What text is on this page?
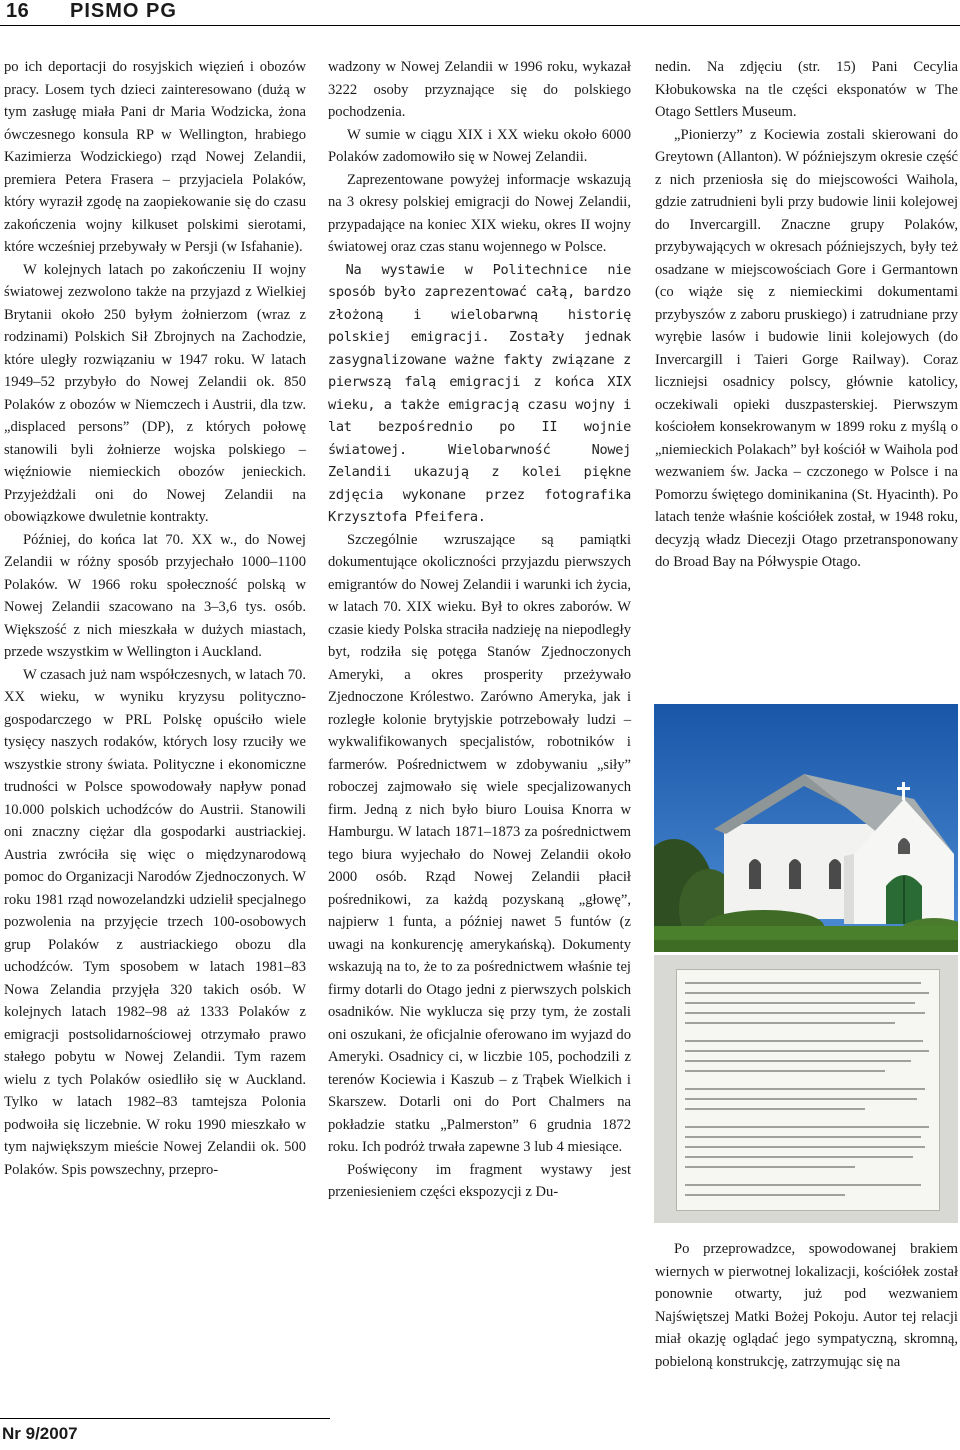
16 PISMO PG

po ich deportacji do rosyjskich więzień i obozów pracy. Losem tych dzieci zainteresowano (dużą w tym zasługę miała Pani dr Maria Wodzicka, żona ówczesnego konsula RP w Wellington, hrabiego Kazimierza Wodzickiego) rząd Nowej Zelandii, premiera Petera Frasera – przyjaciela Polaków, który wyraził zgodę na zaopiekowanie się do czasu zakończenia wojny kilkuset polskimi sierotami, które wcześniej przebywały w Persji (w Isfahanie).

W kolejnych latach po zakończeniu II wojny światowej zezwolono także na przyjazd z Wielkiej Brytanii około 250 byłym żołnierzom (wraz z rodzinami) Polskich Sił Zbrojnych na Zachodzie, które uległy rozwiązaniu w 1947 roku. W latach 1949–52 przybyło do Nowej Zelandii ok. 850 Polaków z obozów w Niemczech i Austrii, dla tzw. „displaced persons” (DP), z których połowę stanowili byli żołnierze wojska polskiego – więźniowie niemieckich obozów jenieckich. Przyjeżdżali oni do Nowej Zelandii na obowiązkowe dwuletnie kontrakty.

Później, do końca lat 70. XX w., do Nowej Zelandii w różny sposób przyjechało 1000–1100 Polaków. W 1966 roku społeczność polską w Nowej Zelandii szacowano na 3–3,6 tys. osób. Większość z nich mieszkała w dużych miastach, przede wszystkim w Wellington i Auckland.

W czasach już nam współczesnych, w latach 70. XX wieku, w wyniku kryzysu polityczno-gospodarczego w PRL Polskę opuściło wiele tysięcy naszych rodaków, których losy rzuciły we wszystkie strony świata. Polityczne i ekonomiczne trudności w Polsce spowodowały napływ ponad 10.000 polskich uchodźców do Austrii. Stanowili oni znaczny ciężar dla gospodarki austriackiej. Austria zwróciła się więc o międzynarodową pomoc do Organizacji Narodów Zjednoczonych. W roku 1981 rząd nowozelandzki udzielił specjalnego pozwolenia na przyjęcie trzech 100-osobowych grup Polaków z austriackiego obozu dla uchodźców. Tym sposobem w latach 1981–83 Nowa Zelandia przyjęła 320 takich osób. W kolejnych latach 1982–98 aż 1333 Polaków z emigracji postsolidarnościowej otrzymało prawo stałego pobytu w Nowej Zelandii. Tym razem wielu z tych Polaków osiedliło się w Auckland. Tylko w latach 1982–83 tamtejsza Polonia podwoiła się liczebnie. W roku 1990 mieszkało w tym największym mieście Nowej Zelandii ok. 500 Polaków. Spis powszechny, przepro-

wadzony w Nowej Zelandii w 1996 roku, wykazał 3222 osoby przyznające się do polskiego pochodzenia.

W sumie w ciągu XIX i XX wieku około 6000 Polaków zadomowiło się w Nowej Zelandii.

Zaprezentowane powyżej informacje wskazują na 3 okresy polskiej emigracji do Nowej Zelandii, przypadające na koniec XIX wieku, okres II wojny światowej oraz czas stanu wojennego w Polsce.

Na wystawie w Politechnice nie sposób było zaprezentować całą, bardzo złożoną i wielobarwną historię polskiej emigracji. Zostały jednak zasygnalizowane ważne fakty związane z pierwszą falą emigracji z końca XIX wieku, a także emigracją czasu wojny i lat bezpośrednio po II wojnie światowej. Wielobarwność Nowej Zelandii ukazują z kolei piękne zdjęcia wykonane przez fotografika Krzysztofa Pfeifera.

Szczególnie wzruszające są pamiątki dokumentujące okoliczności przyjazdu pierwszych emigrantów do Nowej Zelandii i warunki ich życia, w latach 70. XIX wieku. Był to okres zaborów. W czasie kiedy Polska straciła nadzieję na niepodległy byt, rodziła się potęga Stanów Zjednoczonych Ameryki, a okres prosperity przeżywało Zjednoczone Królestwo. Zarówno Ameryka, jak i rozległe kolonie brytyjskie potrzebowały ludzi – wykwalifikowanych specjalistów, robotników i farmerów. Pośrednictwem w zdobywaniu „siły” roboczej zajmowało się wiele specjalizowanych firm. Jedną z nich było biuro Louisa Knorra w Hamburgu. W latach 1871–1873 za pośrednictwem tego biura wyjechało do Nowej Zelandii około 2000 osób. Rząd Nowej Zelandii płacił pośrednikowi, za każdą pozyskaną „głowę”, najpierw 1 funta, a później nawet 5 funtów (z uwagi na konkurencję amerykańską). Dokumenty wskazują na to, że to za pośrednictwem właśnie tej firmy dotarli do Otago jedni z pierwszych polskich osadników. Nie wyklucza się przy tym, że zostali oni oszukani, że oficjalnie oferowano im wyjazd do Ameryki. Osadnicy ci, w liczbie 105, pochodzili z terenów Kociewia i Kaszub – z Trąbek Wielkich i Skarszew. Dotarli oni do Port Chalmers na pokładzie statku „Palmerston” 6 grudnia 1872 roku. Ich podróż trwała zapewne 3 lub 4 miesiące.

Poświęcony im fragment wystawy jest przeniesieniem części ekspozycji z Du-

nedin. Na zdjęciu (str. 15) Pani Cecylia Kłobukowska na tle części eksponatów w The Otago Settlers Museum.

„Pionierzy” z Kociewia zostali skierowani do Greytown (Allanton). W późniejszym okresie część z nich przeniosła się do miejscowości Waihola, gdzie zatrudnieni byli przy budowie linii kolejowej do Invercargill. Znaczne grupy Polaków, przybywających w okresach późniejszych, były też osadzane w miejscowościach Gore i Germantown (co wiąże się z niemieckimi dokumentami przybyszów z zaboru pruskiego) i zatrudniane przy wyrębie lasów i budowie linii kolejowych (do Invercargill i Taieri Gorge Railway). Coraz liczniejsi osadnicy polscy, głównie katolicy, oczekiwali opieki duszpasterskiej. Pierwszym kościołem konsekrowanym w 1899 roku z myślą o „niemieckich Polakach” był kościół w Waihola pod wezwaniem św. Jacka – czczonego w Polsce i na Pomorzu świętego dominikanina (St. Hyacinth). Po latach tenże właśnie kościółek został, w 1948 roku, decyzją władz Diecezji Otago przetransponowany do Broad Bay na Półwyspie Otago.

Po przeprowadzce, spowodowanej brakiem wiernych w pierwotnej lokalizacji, kościółek został ponownie otwarty, już pod wezwaniem Najświętszej Matki Bożej Pokoju. Autor tej relacji miał okazję oglądać jego sympatyczną, skromną, pobieloną konstrukcję, zatrzymując się na

Nr 9/2007
